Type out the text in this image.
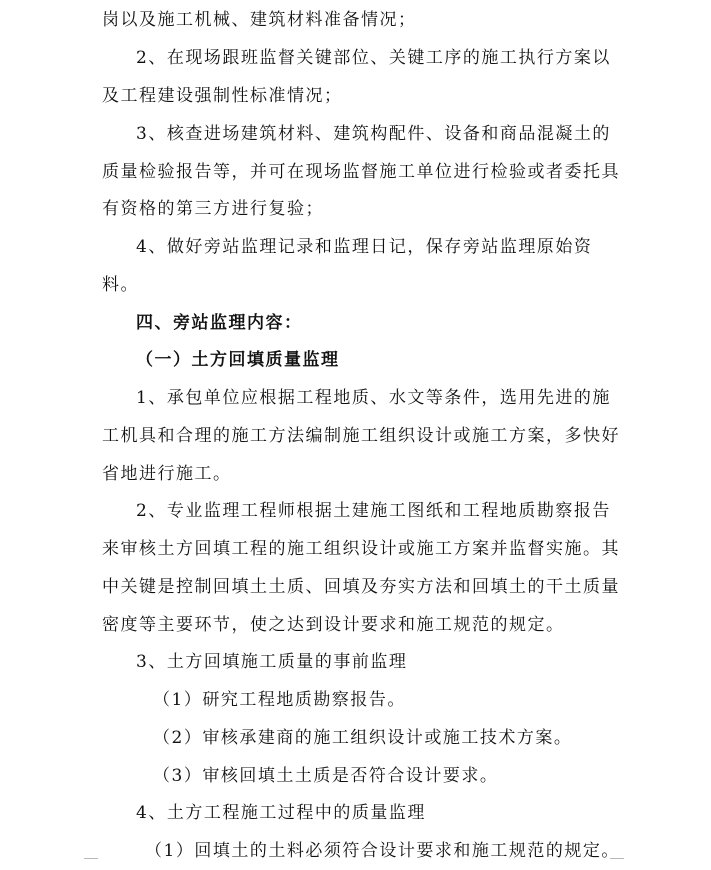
岗以及施工机械、建筑材料准备情况；
2、在现场跟班监督关键部位、关键工序的施工执行方案以
及工程建设强制性标准情况；
3、核查进场建筑材料、建筑构配件、设备和商品混凝土的
质量检验报告等，并可在现场监督施工单位进行检验或者委托具
有资格的第三方进行复验；
4、做好旁站监理记录和监理日记，保存旁站监理原始资
料。
四、旁站监理内容：
（一）土方回填质量监理
1、承包单位应根据工程地质、水文等条件，选用先进的施
工机具和合理的施工方法编制施工组织设计或施工方案，多快好
省地进行施工。
2、专业监理工程师根据土建施工图纸和工程地质勘察报告
来审核土方回填工程的施工组织设计或施工方案并监督实施。其
中关键是控制回填土土质、回填及夯实方法和回填土的干土质量
密度等主要环节，使之达到设计要求和施工规范的规定。
3、土方回填施工质量的事前监理
（1）研究工程地质勘察报告。
（2）审核承建商的施工组织设计或施工技术方案。
（3）审核回填土土质是否符合设计要求。
4、土方工程施工过程中的质量监理
（1）回填土的土料必须符合设计要求和施工规范的规定。
